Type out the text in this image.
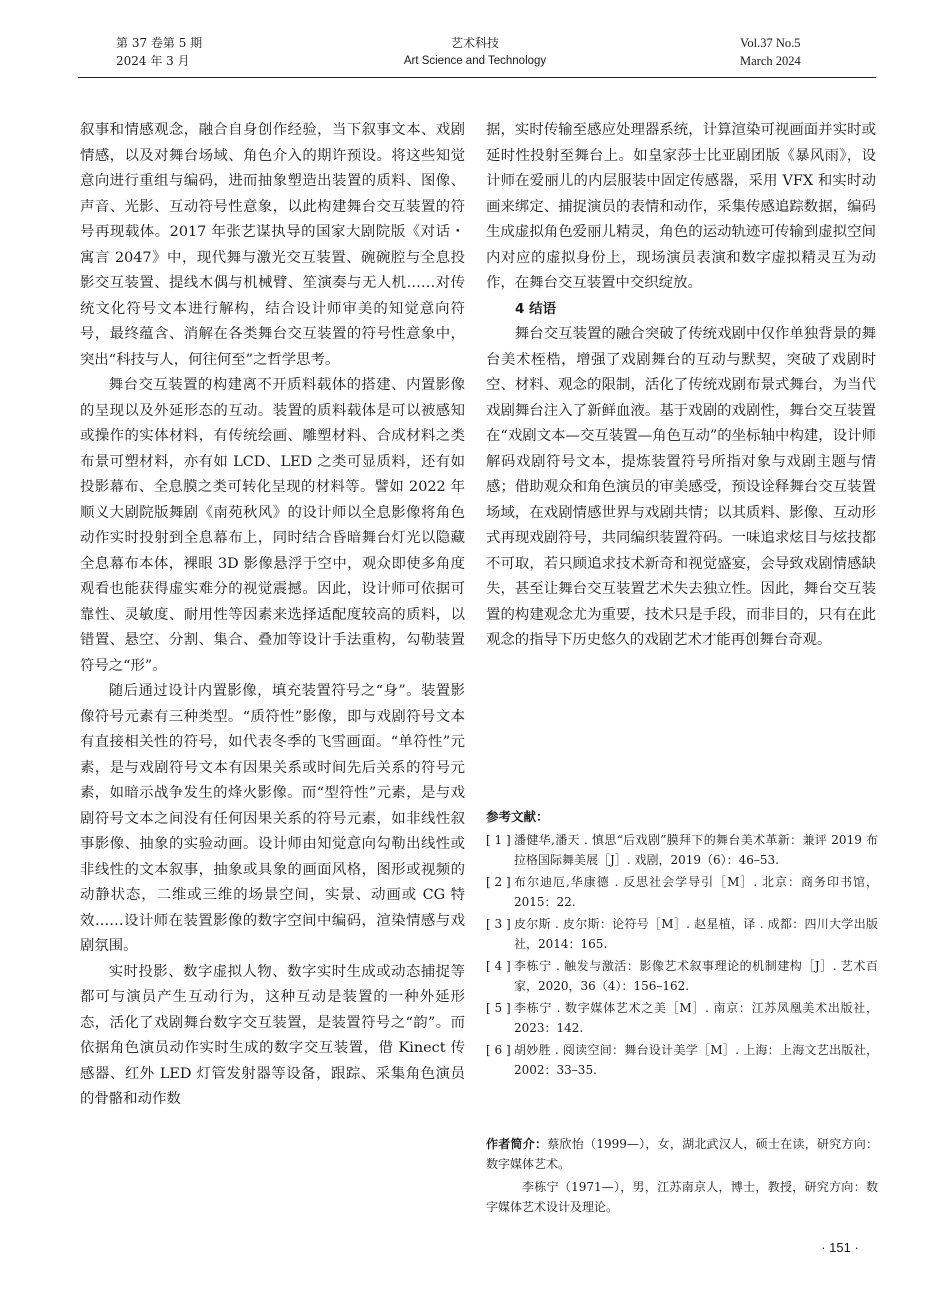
第 37 卷第 5 期
2024 年 3 月
艺术科技
Art Science and Technology
Vol.37 No.5
March 2024

叙事和情感观念，融合自身创作经验，当下叙事文本、戏剧情感，以及对舞台场域、角色介入的期许预设。将这些知觉意向进行重组与编码，进而抽象塑造出装置的质料、图像、声音、光影、互动符号性意象，以此构建舞台交互装置的符号再现载体。2017 年张艺谋执导的国家大剧院版《对话・寓言 2047》中，现代舞与激光交互装置、碗碗腔与全息投影交互装置、提线木偶与机械臂、笙演奏与无人机……对传统文化符号文本进行解构，结合设计师审美的知觉意向符号，最终蕴含、消解在各类舞台交互装置的符号性意象中，突出“科技与人，何往何至”之哲学思考。

舞台交互装置的构建离不开质料载体的搭建、内置影像的呈现以及外延形态的互动。装置的质料载体是可以被感知或操作的实体材料，有传统绘画、雕塑材料、合成材料之类布景可塑材料，亦有如 LCD、LED 之类可显质料，还有如投影幕布、全息膜之类可转化呈现的材料等。譬如 2022 年顺义大剧院版舞剧《南苑秋风》的设计师以全息影像将角色动作实时投射到全息幕布上，同时结合昏暗舞台灯光以隐藏全息幕布本体，裸眼 3D 影像悬浮于空中，观众即使多角度观看也能获得虚实难分的视觉震撼。因此，设计师可依据可靠性、灵敏度、耐用性等因素来选择适配度较高的质料，以错置、悬空、分割、集合、叠加等设计手法重构，勾勒装置符号之“形”。

随后通过设计内置影像，填充装置符号之“身”。装置影像符号元素有三种类型。“质符性”影像，即与戏剧符号文本有直接相关性的符号，如代表冬季的飞雪画面。“单符性”元素，是与戏剧符号文本有因果关系或时间先后关系的符号元素，如暗示战争发生的烽火影像。而“型符性”元素，是与戏剧符号文本之间没有任何因果关系的符号元素，如非线性叙事影像、抽象的实验动画。设计师由知觉意向勾勒出线性或非线性的文本叙事，抽象或具象的画面风格，图形或视频的动静状态，二维或三维的场景空间，实景、动画或 CG 特效……设计师在装置影像的数字空间中编码，渲染情感与戏剧氛围。

实时投影、数字虚拟人物、数字实时生成或动态捕捉等都可与演员产生互动行为，这种互动是装置的一种外延形态，活化了戏剧舞台数字交互装置，是装置符号之“韵”。而依据角色演员动作实时生成的数字交互装置，借 Kinect 传感器、红外 LED 灯管发射器等设备，跟踪、采集角色演员的骨骼和动作数

据，实时传输至感应处理器系统，计算渲染可视画面并实时或延时性投射至舞台上。如皇家莎士比亚剧团版《暴风雨》，设计师在爱丽儿的内层服装中固定传感器，采用 VFX 和实时动画来绑定、捕捉演员的表情和动作，采集传感追踪数据，编码生成虚拟角色爱丽儿精灵，角色的运动轨迹可传输到虚拟空间内对应的虚拟身份上，现场演员表演和数字虚拟精灵互为动作，在舞台交互装置中交织绽放。

4 结语

舞台交互装置的融合突破了传统戏剧中仅作单独背景的舞台美术桎梏，增强了戏剧舞台的互动与默契，突破了戏剧时空、材料、观念的限制，活化了传统戏剧布景式舞台，为当代戏剧舞台注入了新鲜血液。基于戏剧的戏剧性，舞台交互装置在“戏剧文本—交互装置—角色互动”的坐标轴中构建，设计师解码戏剧符号文本，提炼装置符号所指对象与戏剧主题与情感；借助观众和角色演员的审美感受，预设诠释舞台交互装置场域，在戏剧情感世界与戏剧共情；以其质料、影像、互动形式再现戏剧符号，共同编织装置符码。一味追求炫目与炫技都不可取，若只顾追求技术新奇和视觉盛宴，会导致戏剧情感缺失，甚至让舞台交互装置艺术失去独立性。因此，舞台交互装置的构建观念尤为重要，技术只是手段，而非目的，只有在此观念的指导下历史悠久的戏剧艺术才能再创舞台奇观。

参考文献：
[ 1 ] 潘健华,潘天 . 慎思“后戏剧”膜拜下的舞台美术革新：兼评 2019 布拉格国际舞美展［J］. 戏剧，2019（6）：46–53.
[ 2 ] 布尔迪厄,华康德 . 反思社会学导引［M］. 北京：商务印书馆，2015：22.
[ 3 ] 皮尔斯 . 皮尔斯：论符号［M］. 赵星植，译 . 成都：四川大学出版社，2014：165.
[ 4 ] 李栋宁 . 触发与激活：影像艺术叙事理论的机制建构［J］. 艺术百家，2020，36（4）：156–162.
[ 5 ] 李栋宁 . 数字媒体艺术之美［M］. 南京：江苏凤凰美术出版社，2023：142.
[ 6 ] 胡妙胜 . 阅读空间：舞台设计美学［M］. 上海：上海文艺出版社，2002：33–35.

作者简介：蔡欣怡（1999—），女，湖北武汉人，硕士在读，研究方向：数字媒体艺术。

李栋宁（1971—），男，江苏南京人，博士，教授，研究方向：数字媒体艺术设计及理论。

· 151 ·
